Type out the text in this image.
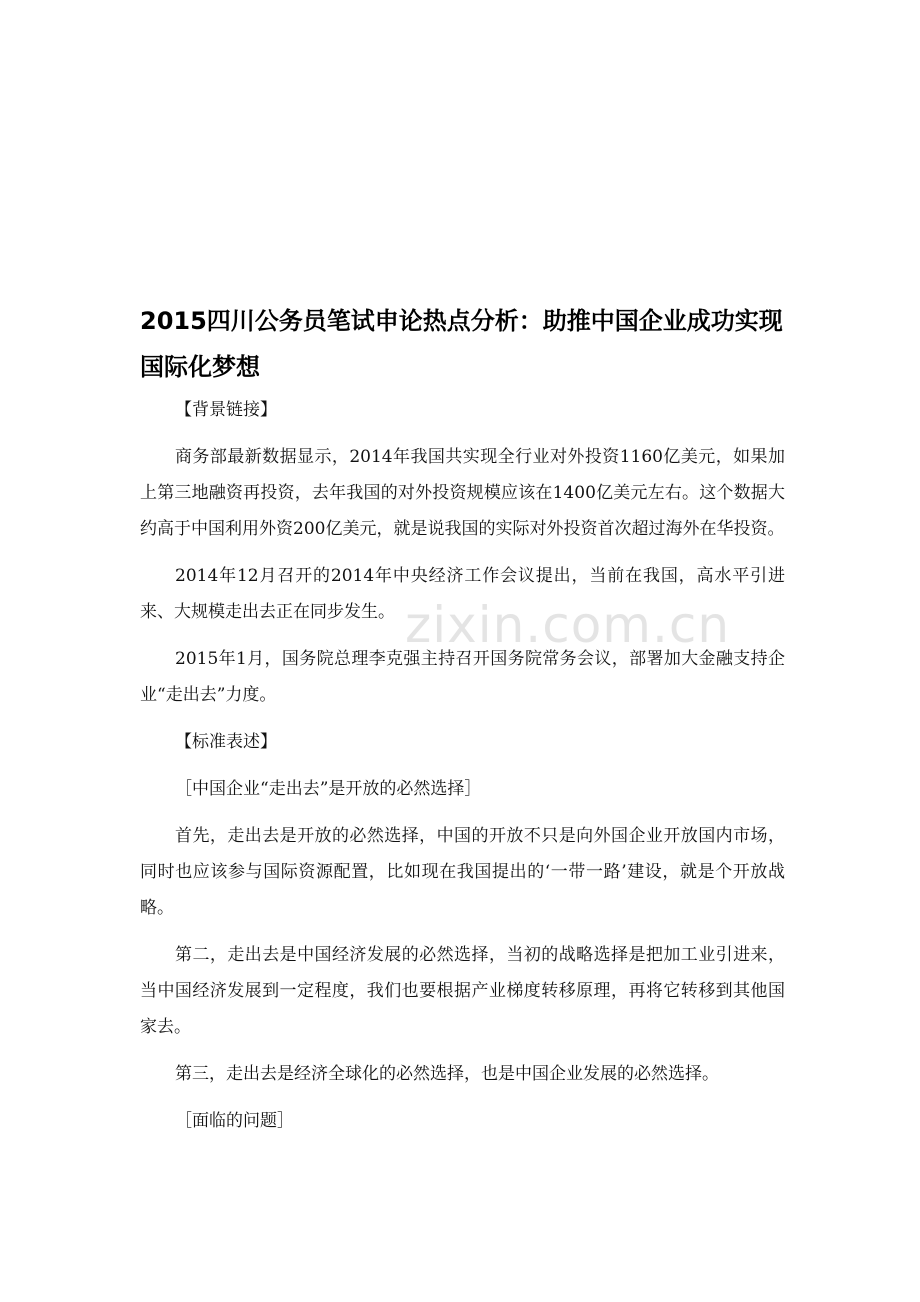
2015四川公务员笔试申论热点分析：助推中国企业成功实现国际化梦想

【背景链接】

商务部最新数据显示，2014年我国共实现全行业对外投资1160亿美元，如果加上第三地融资再投资，去年我国的对外投资规模应该在1400亿美元左右。这个数据大约高于中国利用外资200亿美元，就是说我国的实际对外投资首次超过海外在华投资。

2014年12月召开的2014年中央经济工作会议提出，当前在我国，高水平引进来、大规模走出去正在同步发生。

2015年1月，国务院总理李克强主持召开国务院常务会议，部署加大金融支持企业“走出去”力度。

【标准表述】

［中国企业“走出去”是开放的必然选择］

首先，走出去是开放的必然选择，中国的开放不只是向外国企业开放国内市场，同时也应该参与国际资源配置，比如现在我国提出的‘一带一路’建设，就是个开放战略。

第二，走出去是中国经济发展的必然选择，当初的战略选择是把加工业引进来，当中国经济发展到一定程度，我们也要根据产业梯度转移原理，再将它转移到其他国家去。

第三，走出去是经济全球化的必然选择，也是中国企业发展的必然选择。

［面临的问题］

zixin.com.cn
